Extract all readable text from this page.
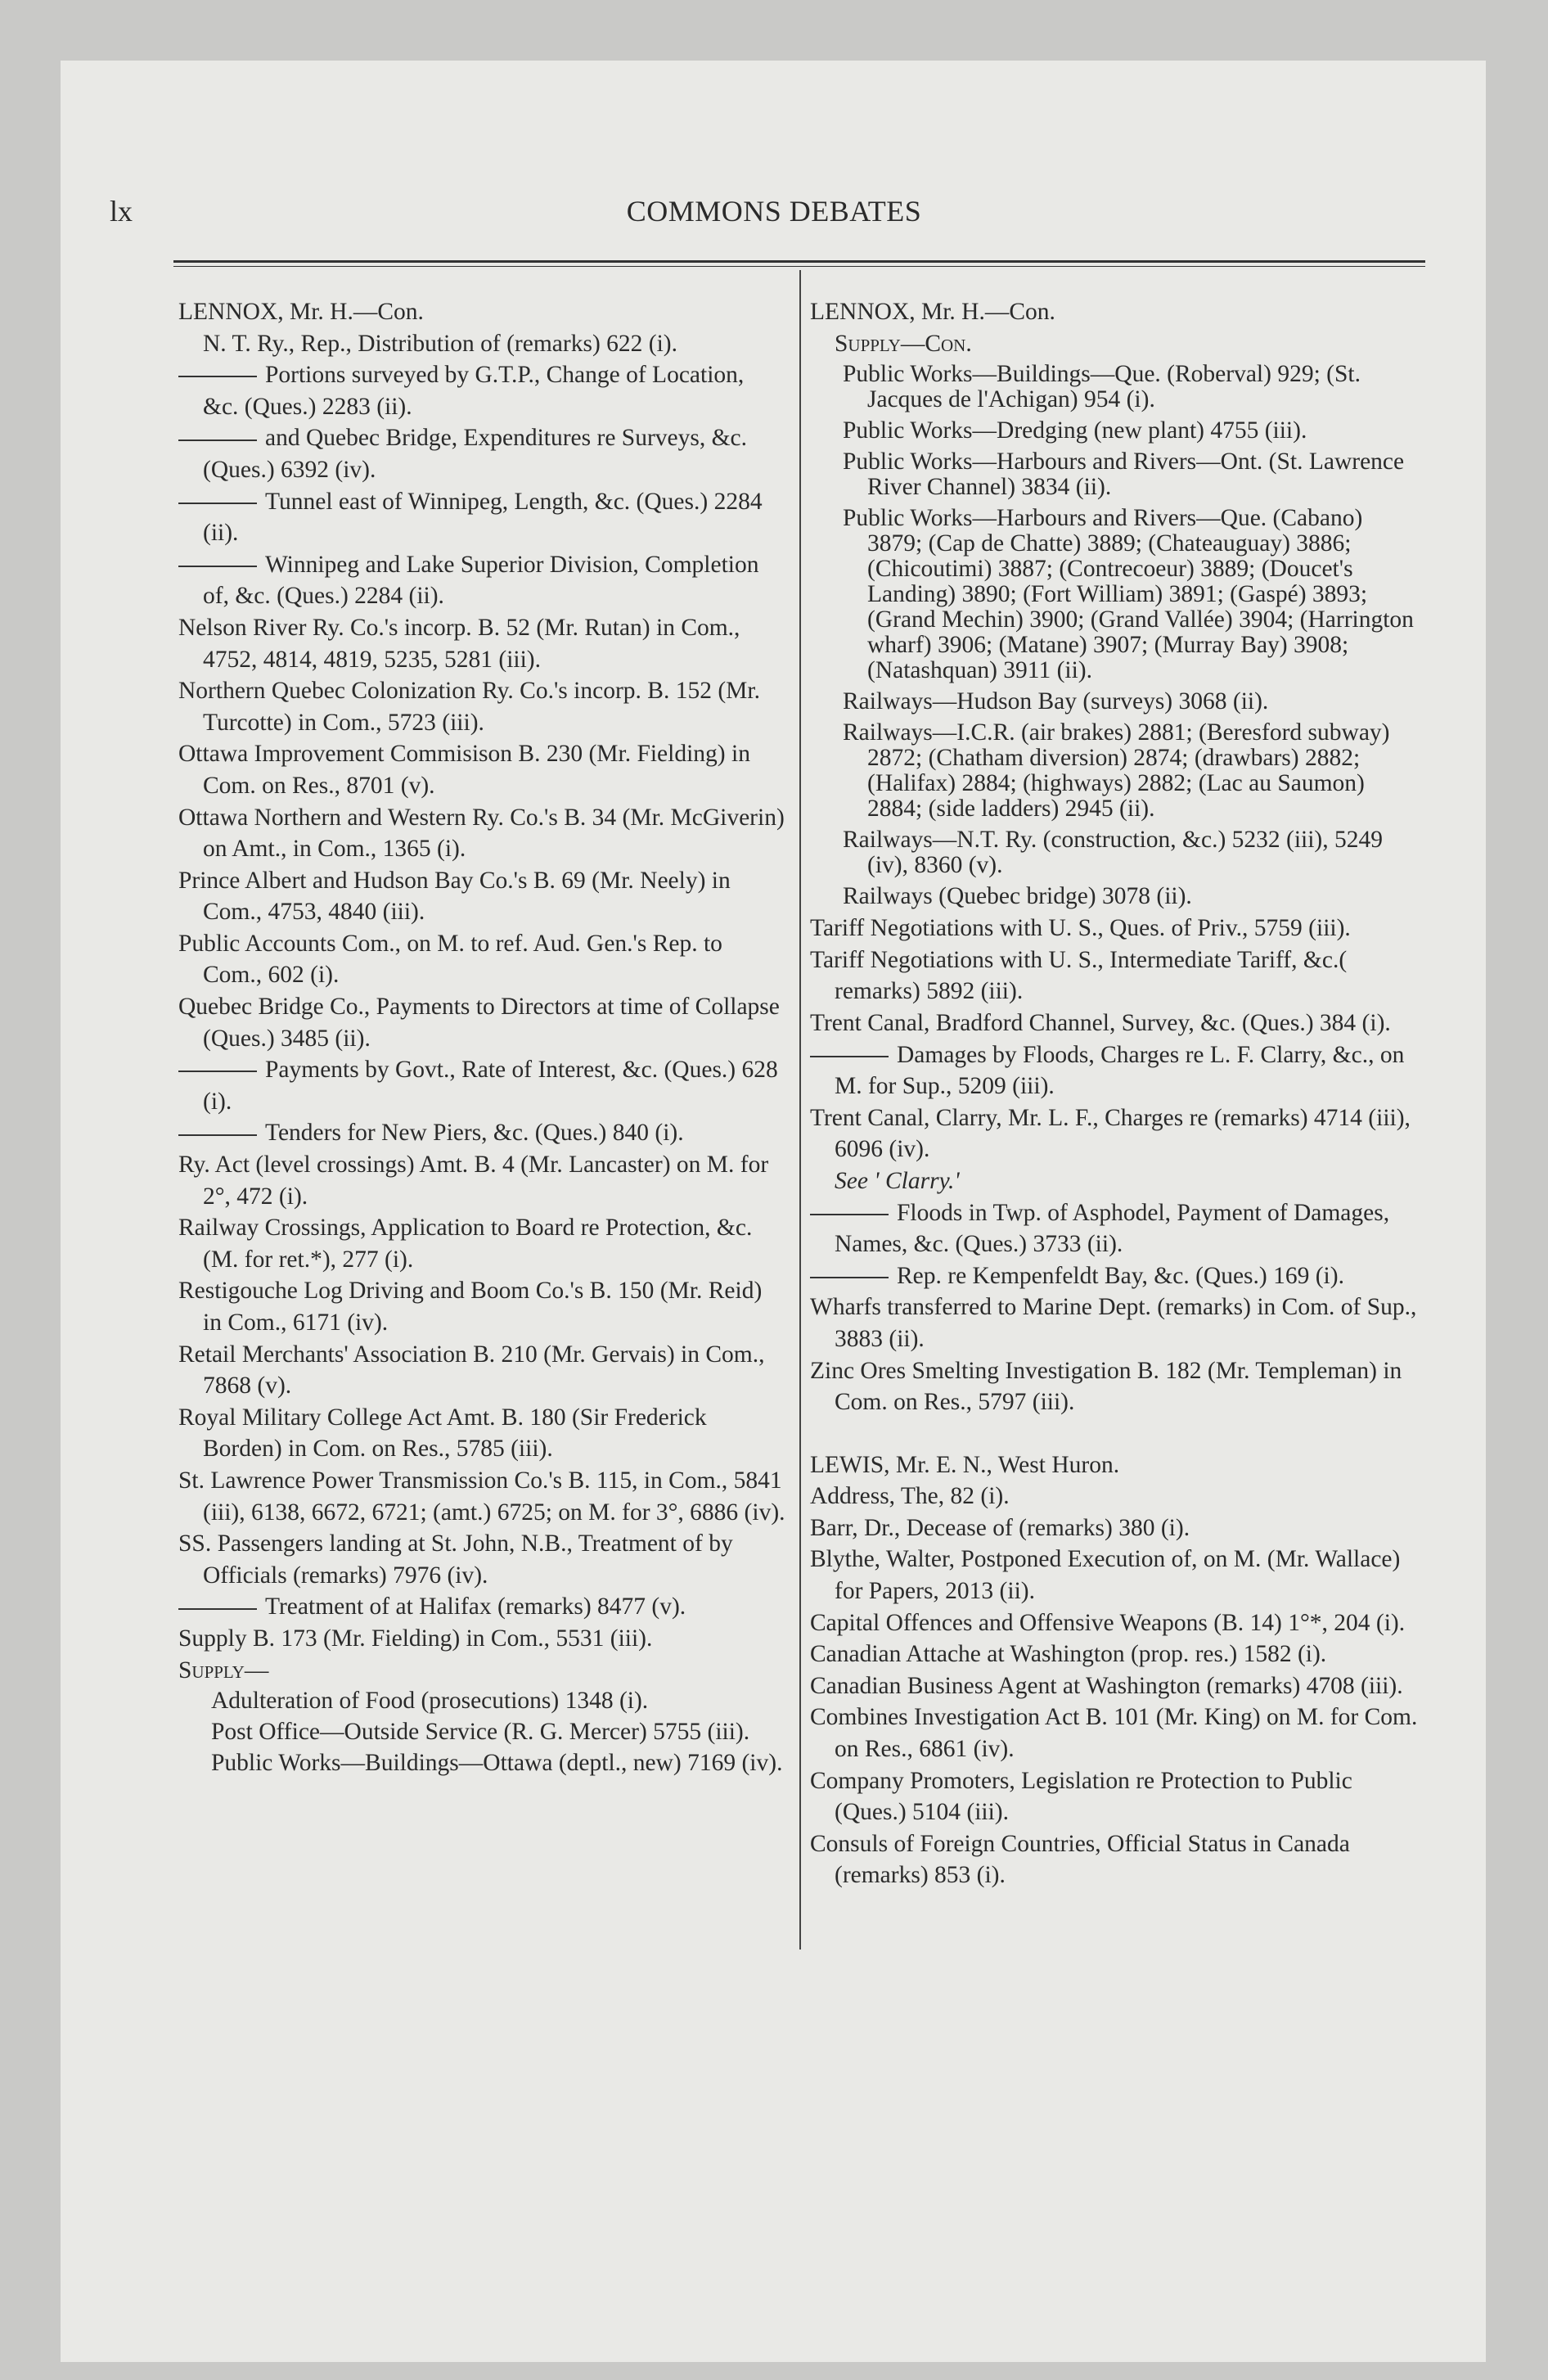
lx	COMMONS DEBATES
LENNOX, Mr. H.—Con.
N. T. Ry., Rep., Distribution of (remarks) 622 (i).
Portions surveyed by G.T.P., Change of Location, &c. (Ques.) 2283 (ii).
and Quebec Bridge, Expenditures re Surveys, &c. (Ques.) 6392 (iv).
Tunnel east of Winnipeg, Length, &c. (Ques.) 2284 (ii).
Winnipeg and Lake Superior Division, Completion of, &c. (Ques.) 2284 (ii).
Nelson River Ry. Co.'s incorp. B. 52 (Mr. Rutan) in Com., 4752, 4814, 4819, 5235, 5281 (iii).
Northern Quebec Colonization Ry. Co.'s incorp. B. 152 (Mr. Turcotte) in Com., 5723 (iii).
Ottawa Improvement Commisison B. 230 (Mr. Fielding) in Com. on Res., 8701 (v).
Ottawa Northern and Western Ry. Co.'s B. 34 (Mr. McGiverin) on Amt., in Com., 1365 (i).
Prince Albert and Hudson Bay Co.'s B. 69 (Mr. Neely) in Com., 4753, 4840 (iii).
Public Accounts Com., on M. to ref. Aud. Gen.'s Rep. to Com., 602 (i).
Quebec Bridge Co., Payments to Directors at time of Collapse (Ques.) 3485 (ii).
Payments by Govt., Rate of Interest, &c. (Ques.) 628 (i).
Tenders for New Piers, &c. (Ques.) 840 (i).
Ry. Act (level crossings) Amt. B. 4 (Mr. Lancaster) on M. for 2°, 472 (i).
Railway Crossings, Application to Board re Protection, &c. (M. for ret.*), 277 (i).
Restigouche Log Driving and Boom Co.'s B. 150 (Mr. Reid) in Com., 6171 (iv).
Retail Merchants' Association B. 210 (Mr. Gervais) in Com., 7868 (v).
Royal Military College Act Amt. B. 180 (Sir Frederick Borden) in Com. on Res., 5785 (iii).
St. Lawrence Power Transmission Co.'s B. 115, in Com., 5841 (iii), 6138, 6672, 6721; (amt.) 6725; on M. for 3°, 6886 (iv).
SS. Passengers landing at St. John, N.B., Treatment of by Officials (remarks) 7976 (iv).
Treatment of at Halifax (remarks) 8477 (v).
Supply B. 173 (Mr. Fielding) in Com., 5531 (iii).
Supply—
Adulteration of Food (prosecutions) 1348 (i).
Post Office—Outside Service (R. G. Mercer) 5755 (iii).
Public Works—Buildings—Ottawa (deptl., new) 7169 (iv).
LENNOX, Mr. H.—Con.
Supply—Con.
Public Works—Buildings—Que. (Roberval) 929; (St. Jacques de l'Achigan) 954 (i).
Public Works—Dredging (new plant) 4755 (iii).
Public Works—Harbours and Rivers—Ont. (St. Lawrence River Channel) 3834 (ii).
Public Works—Harbours and Rivers—Que. (Cabano) 3879; (Cap de Chatte) 3889; (Chateauguay) 3886; (Chicoutimi) 3887; (Contrecoeur) 3889; (Doucet's Landing) 3890; (Fort William) 3891; (Gaspé) 3893; (Grand Mechin) 3900; (Grand Vallée) 3904; (Harrington wharf) 3906; (Matane) 3907; (Murray Bay) 3908; (Natashquan) 3911 (ii).
Railways—Hudson Bay (surveys) 3068 (ii).
Railways—I.C.R. (air brakes) 2881; (Beresford subway) 2872; (Chatham diversion) 2874; (drawbars) 2882; (Halifax) 2884; (highways) 2882; (Lac au Saumon) 2884; (side ladders) 2945 (ii).
Railways—N.T. Ry. (construction, &c.) 5232 (iii), 5249 (iv), 8360 (v).
Railways (Quebec bridge) 3078 (ii).
Tariff Negotiations with U. S., Ques. of Priv., 5759 (iii).
Tariff Negotiations with U. S., Intermediate Tariff, &c.( remarks) 5892 (iii).
Trent Canal, Bradford Channel, Survey, &c. (Ques.) 384 (i).
Damages by Floods, Charges re L. F. Clarry, &c., on M. for Sup., 5209 (iii).
Trent Canal, Clarry, Mr. L. F., Charges re (remarks) 4714 (iii), 6096 (iv).
See ' Clarry.'
Floods in Twp. of Asphodel, Payment of Damages, Names, &c. (Ques.) 3733 (ii).
Rep. re Kempenfeldt Bay, &c. (Ques.) 169 (i).
Wharfs transferred to Marine Dept. (remarks) in Com. of Sup., 3883 (ii).
Zinc Ores Smelting Investigation B. 182 (Mr. Templeman) in Com. on Res., 5797 (iii).
LEWIS, Mr. E. N., West Huron.
Address, The, 82 (i).
Barr, Dr., Decease of (remarks) 380 (i).
Blythe, Walter, Postponed Execution of, on M. (Mr. Wallace) for Papers, 2013 (ii).
Capital Offences and Offensive Weapons (B. 14) 1°*, 204 (i).
Canadian Attache at Washington (prop. res.) 1582 (i).
Canadian Business Agent at Washington (remarks) 4708 (iii).
Combines Investigation Act B. 101 (Mr. King) on M. for Com. on Res., 6861 (iv).
Company Promoters, Legislation re Protection to Public (Ques.) 5104 (iii).
Consuls of Foreign Countries, Official Status in Canada (remarks) 853 (i).
